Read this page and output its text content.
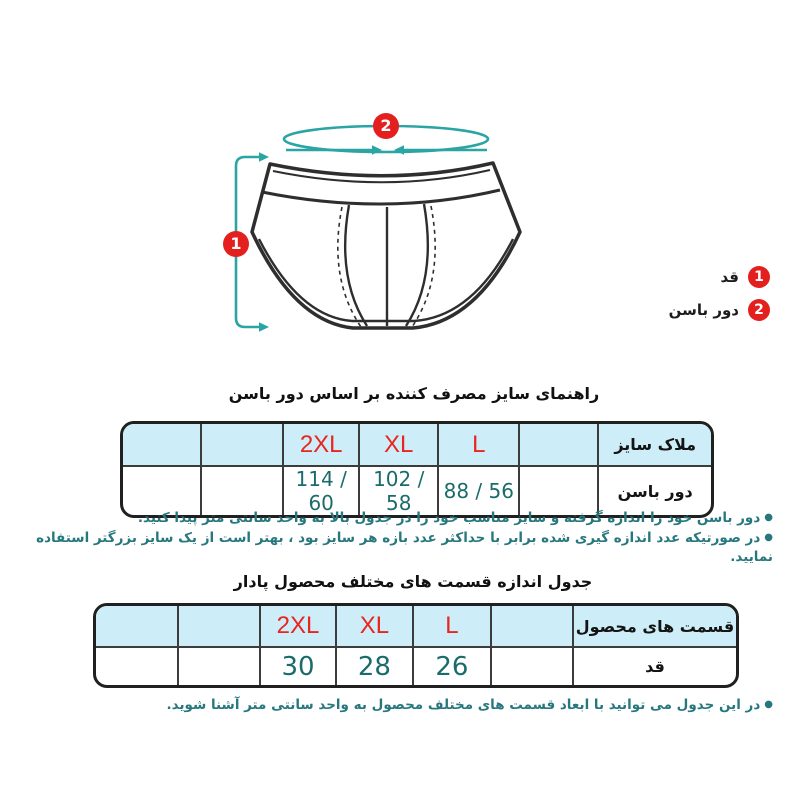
1
2
1
قد
2
دور باسن
راهنمای سایز مصرف کننده بر اساس دور باسن
		2XL	XL	L		ملاک سایز
		114 / 60	102 / 58	88 / 56		دور باسن
●دور باسن خود را اندازه گرفته و سایز مناسب خود را در جدول بالا به واحد سانتی متر پیدا کنید.
●در صورتیکه عدد اندازه گیری شده برابر با حداکثر عدد بازه هر سایز بود ، بهتر است از یک سایز بزرگتر استفاده نمایید.
جدول اندازه قسمت های مختلف محصول پادار
		2XL	XL	L		قسمت های محصول
		30	28	26		قد
●در این جدول می توانید با ابعاد قسمت های مختلف محصول به واحد سانتی متر آشنا شوید.
